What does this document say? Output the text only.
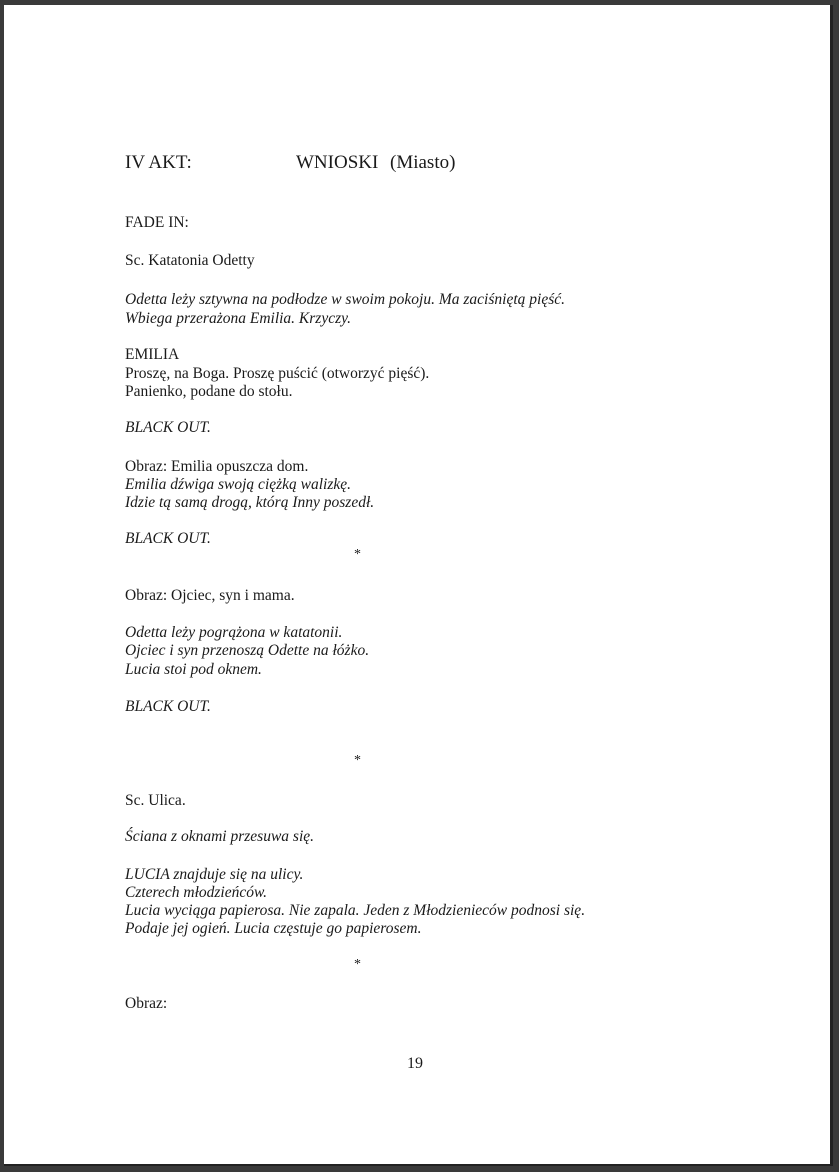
IV AKT:	WNIOSKI (Miasto)
FADE IN:
Sc. Katatonia Odetty
Odetta leży sztywna na podłodze w swoim pokoju. Ma zaciśniętą pięść.
Wbiega przerażona Emilia. Krzyczy.
EMILIA
Proszę, na Boga. Proszę puścić (otworzyć pięść).
Panienko, podane do stołu.
BLACK OUT.
Obraz: Emilia opuszcza dom.
Emilia dźwiga swoją ciężką walizkę.
Idzie tą samą drogą, którą Inny poszedł.
BLACK OUT.
*
Obraz: Ojciec, syn i mama.
Odetta leży pogrążona w katatonii.
Ojciec i syn przenoszą Odette na łóżko.
Lucia stoi pod oknem.
BLACK OUT.
*
Sc. Ulica.
Ściana z oknami przesuwa się.
LUCIA znajduje się na ulicy.
Czterech młodzieńców.
Lucia wyciąga papierosa. Nie zapala. Jeden z Młodzienieców podnosi się.
Podaje jej ogień. Lucia częstuje go papierosem.
*
Obraz:
19
